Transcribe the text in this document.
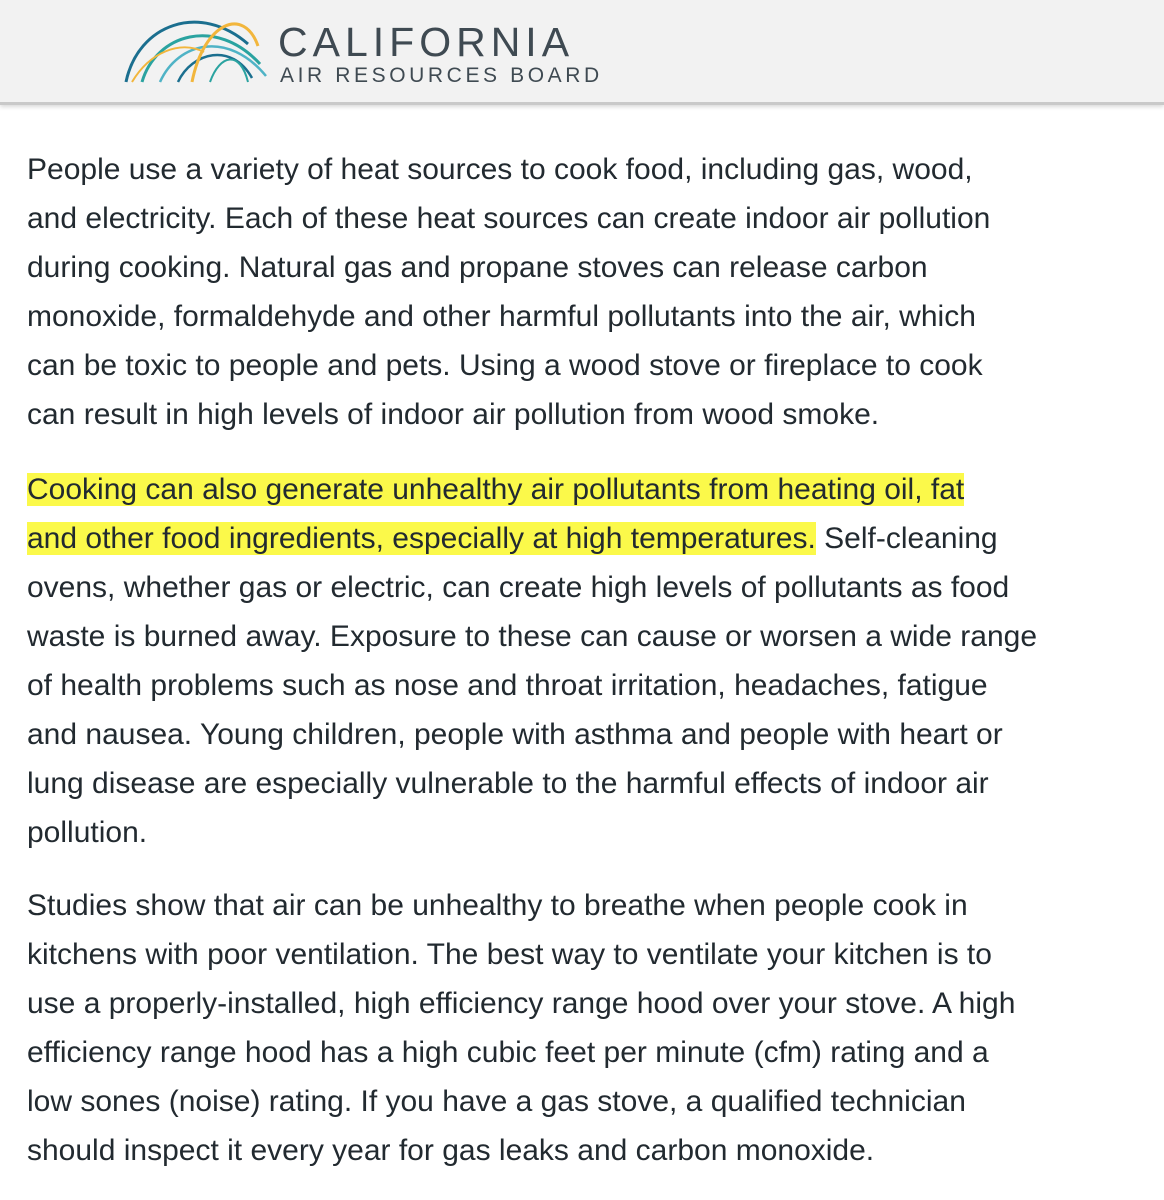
CALIFORNIA
AIR RESOURCES BOARD

People use a variety of heat sources to cook food, including gas, wood,
and electricity. Each of these heat sources can create indoor air pollution
during cooking. Natural gas and propane stoves can release carbon
monoxide, formaldehyde and other harmful pollutants into the air, which
can be toxic to people and pets. Using a wood stove or fireplace to cook
can result in high levels of indoor air pollution from wood smoke.

Cooking can also generate unhealthy air pollutants from heating oil, fat
and other food ingredients, especially at high temperatures. Self-cleaning
ovens, whether gas or electric, can create high levels of pollutants as food
waste is burned away. Exposure to these can cause or worsen a wide range
of health problems such as nose and throat irritation, headaches, fatigue
and nausea. Young children, people with asthma and people with heart or
lung disease are especially vulnerable to the harmful effects of indoor air
pollution.

Studies show that air can be unhealthy to breathe when people cook in
kitchens with poor ventilation. The best way to ventilate your kitchen is to
use a properly-installed, high efficiency range hood over your stove. A high
efficiency range hood has a high cubic feet per minute (cfm) rating and a
low sones (noise) rating. If you have a gas stove, a qualified technician
should inspect it every year for gas leaks and carbon monoxide.
